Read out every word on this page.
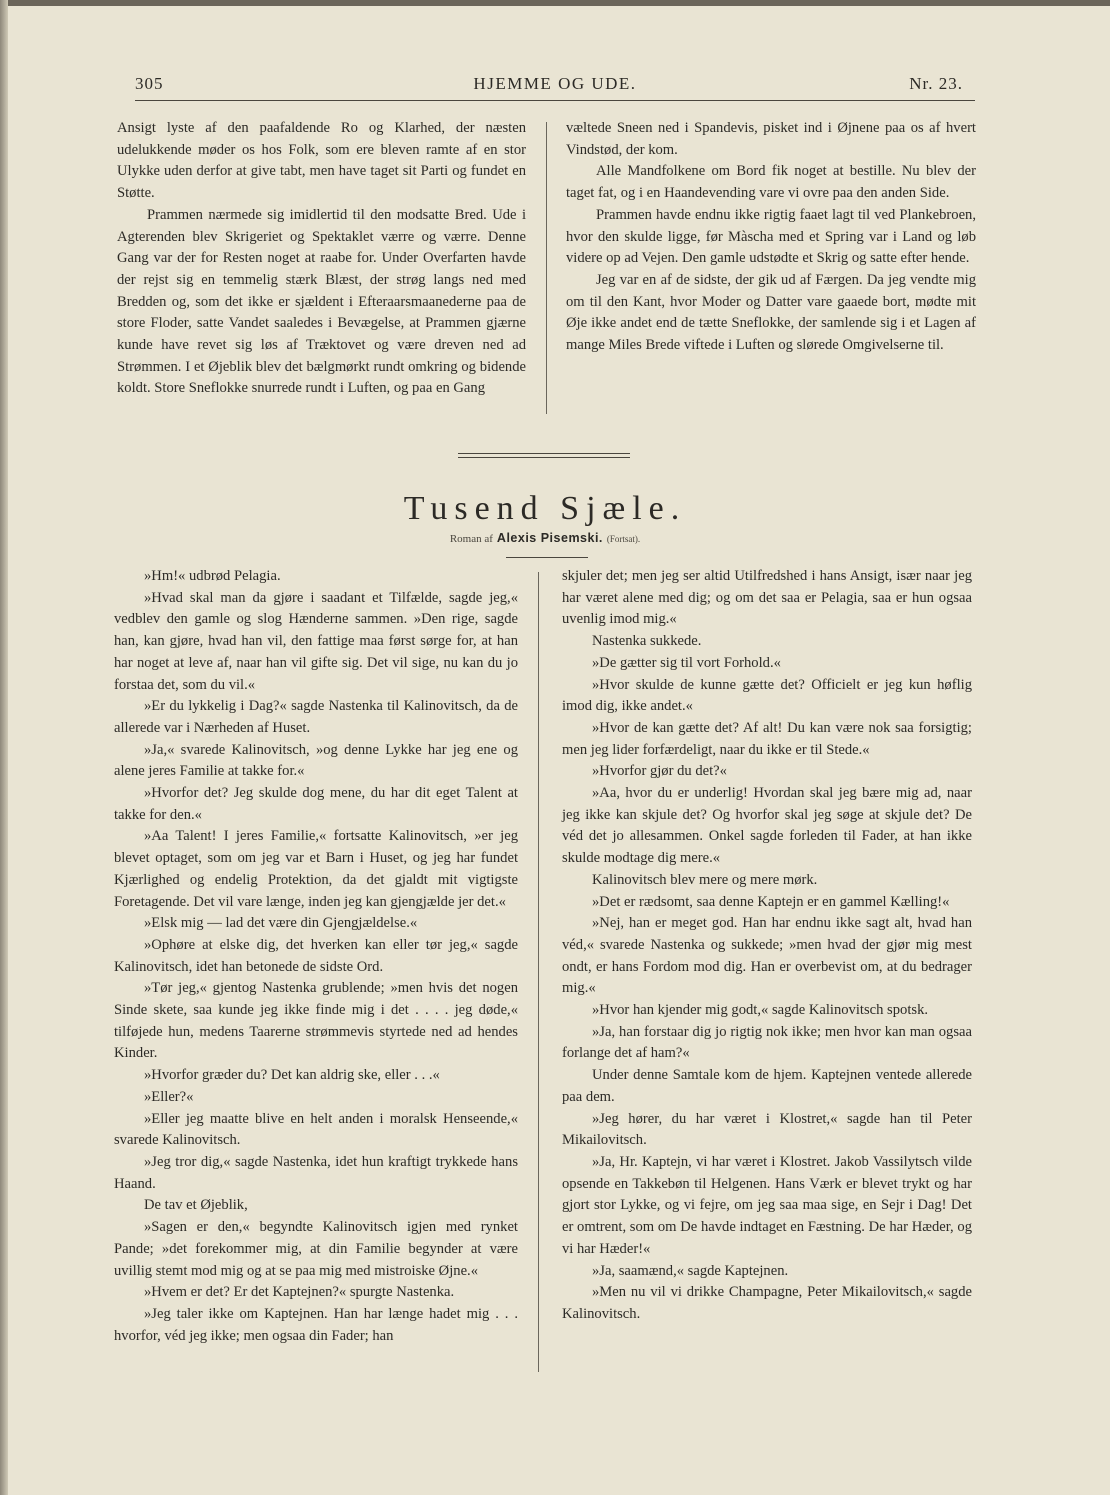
305	HJEMME OG UDE.	Nr. 23.

Ansigt lyste af den paafaldende Ro og Klarhed, der næsten udelukkende møder os hos Folk, som ere bleven ramte af en stor Ulykke uden derfor at give tabt, men have taget sit Parti og fundet en Støtte.

Prammen nærmede sig imidlertid til den modsatte Bred. Ude i Agterenden blev Skrigeriet og Spektaklet værre og værre. Denne Gang var der for Resten noget at raabe for. Under Overfarten havde der rejst sig en temmelig stærk Blæst, der strøg langs ned med Bredden og, som det ikke er sjældent i Efteraarsmaanederne paa de store Floder, satte Vandet saaledes i Bevægelse, at Prammen gjærne kunde have revet sig løs af Træktovet og være dreven ned ad Strømmen. I et Øjeblik blev det bælgmørkt rundt omkring og bidende koldt. Store Sneflokke snurrede rundt i Luften, og paa en Gang

væltede Sneen ned i Spandevis, pisket ind i Øjnene paa os af hvert Vindstød, der kom.

Alle Mandfolkene om Bord fik noget at bestille. Nu blev der taget fat, og i en Haandevending vare vi ovre paa den anden Side.

Prammen havde endnu ikke rigtig faaet lagt til ved Plankebroen, hvor den skulde ligge, før Màscha med et Spring var i Land og løb videre op ad Vejen. Den gamle udstødte et Skrig og satte efter hende.

Jeg var en af de sidste, der gik ud af Færgen. Da jeg vendte mig om til den Kant, hvor Moder og Datter vare gaaede bort, mødte mit Øje ikke andet end de tætte Sneflokke, der samlende sig i et Lagen af mange Miles Brede viftede i Luften og slørede Omgivelserne til.

Tusend Sjæle.
Roman af Alexis Pisemski. (Fortsat).

»Hm!« udbrød Pelagia.

»Hvad skal man da gjøre i saadant et Tilfælde, sagde jeg,« vedblev den gamle og slog Hænderne sammen. »Den rige, sagde han, kan gjøre, hvad han vil, den fattige maa først sørge for, at han har noget at leve af, naar han vil gifte sig. Det vil sige, nu kan du jo forstaa det, som du vil.«

»Er du lykkelig i Dag?« sagde Nastenka til Kalinovitsch, da de allerede var i Nærheden af Huset.

»Ja,« svarede Kalinovitsch, »og denne Lykke har jeg ene og alene jeres Familie at takke for.«

»Hvorfor det? Jeg skulde dog mene, du har dit eget Talent at takke for den.«

»Aa Talent! I jeres Familie,« fortsatte Kalinovitsch, »er jeg blevet optaget, som om jeg var et Barn i Huset, og jeg har fundet Kjærlighed og endelig Protektion, da det gjaldt mit vigtigste Foretagende. Det vil vare længe, inden jeg kan gjengjælde jer det.«

»Elsk mig — lad det være din Gjengjældelse.«

»Ophøre at elske dig, det hverken kan eller tør jeg,« sagde Kalinovitsch, idet han betonede de sidste Ord.

»Tør jeg,« gjentog Nastenka grublende; »men hvis det nogen Sinde skete, saa kunde jeg ikke finde mig i det . . . . jeg døde,« tilføjede hun, medens Taarerne strømmevis styrtede ned ad hendes Kinder.

»Hvorfor græder du? Det kan aldrig ske, eller . . .«

»Eller?«

»Eller jeg maatte blive en helt anden i moralsk Henseende,« svarede Kalinovitsch.

»Jeg tror dig,« sagde Nastenka, idet hun kraftigt trykkede hans Haand.

De tav et Øjeblik,

»Sagen er den,« begyndte Kalinovitsch igjen med rynket Pande; »det forekommer mig, at din Familie begynder at være uvillig stemt mod mig og at se paa mig med mistroiske Øjne.«

»Hvem er det? Er det Kaptejnen?« spurgte Nastenka.

»Jeg taler ikke om Kaptejnen. Han har længe hadet mig . . . hvorfor, véd jeg ikke; men ogsaa din Fader; han

skjuler det; men jeg ser altid Utilfredshed i hans Ansigt, især naar jeg har været alene med dig; og om det saa er Pelagia, saa er hun ogsaa uvenlig imod mig.«

Nastenka sukkede.

»De gætter sig til vort Forhold.«

»Hvor skulde de kunne gætte det? Officielt er jeg kun høflig imod dig, ikke andet.«

»Hvor de kan gætte det? Af alt! Du kan være nok saa forsigtig; men jeg lider forfærdeligt, naar du ikke er til Stede.«

»Hvorfor gjør du det?«

»Aa, hvor du er underlig! Hvordan skal jeg bære mig ad, naar jeg ikke kan skjule det? Og hvorfor skal jeg søge at skjule det? De véd det jo allesammen. Onkel sagde forleden til Fader, at han ikke skulde modtage dig mere.«

Kalinovitsch blev mere og mere mørk.

»Det er rædsomt, saa denne Kaptejn er en gammel Kælling!«

»Nej, han er meget god. Han har endnu ikke sagt alt, hvad han véd,« svarede Nastenka og sukkede; »men hvad der gjør mig mest ondt, er hans Fordom mod dig. Han er overbevist om, at du bedrager mig.«

»Hvor han kjender mig godt,« sagde Kalinovitsch spotsk.

»Ja, han forstaar dig jo rigtig nok ikke; men hvor kan man ogsaa forlange det af ham?«

Under denne Samtale kom de hjem. Kaptejnen ventede allerede paa dem.

»Jeg hører, du har været i Klostret,« sagde han til Peter Mikailovitsch.

»Ja, Hr. Kaptejn, vi har været i Klostret. Jakob Vassilytsch vilde opsende en Takkebøn til Helgenen. Hans Værk er blevet trykt og har gjort stor Lykke, og vi fejre, om jeg saa maa sige, en Sejr i Dag! Det er omtrent, som om De havde indtaget en Fæstning. De har Hæder, og vi har Hæder!«

»Ja, saamænd,« sagde Kaptejnen.

»Men nu vil vi drikke Champagne, Peter Mikailovitsch,« sagde Kalinovitsch.
